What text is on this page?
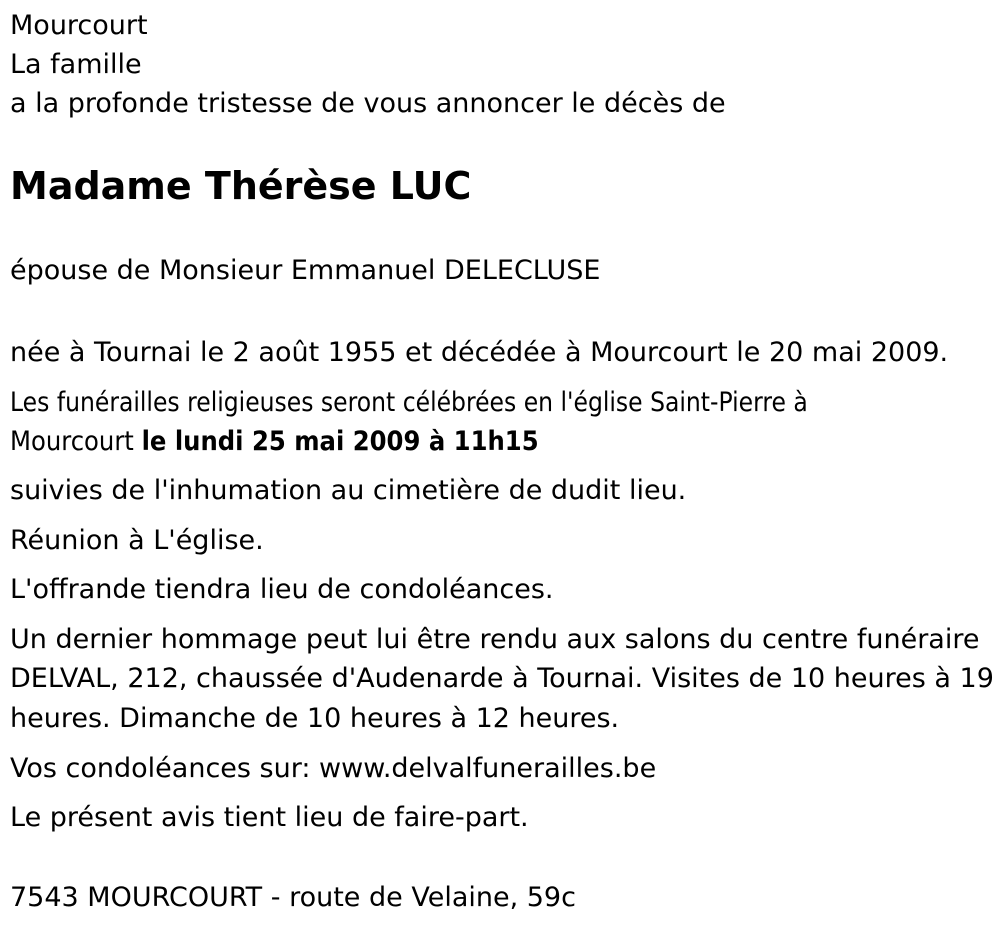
Mourcourt
La famille
a la profonde tristesse de vous annoncer le décès de
Madame Thérèse LUC
épouse de Monsieur Emmanuel DELECLUSE
née à Tournai le 2 août 1955 et décédée à Mourcourt le 20 mai 2009.
Les funérailles religieuses seront célébrées en l'église Saint-Pierre à
Mourcourt le lundi 25 mai 2009 à 11h15
suivies de l'inhumation au cimetière de dudit lieu.
Réunion à L'église.
L'offrande tiendra lieu de condoléances.
Un dernier hommage peut lui être rendu aux salons du centre funéraire
DELVAL, 212, chaussée d'Audenarde à Tournai. Visites de 10 heures à 19
heures. Dimanche de 10 heures à 12 heures.
Vos condoléances sur: www.delvalfunerailles.be
Le présent avis tient lieu de faire-part.
7543 MOURCOURT - route de Velaine, 59c
